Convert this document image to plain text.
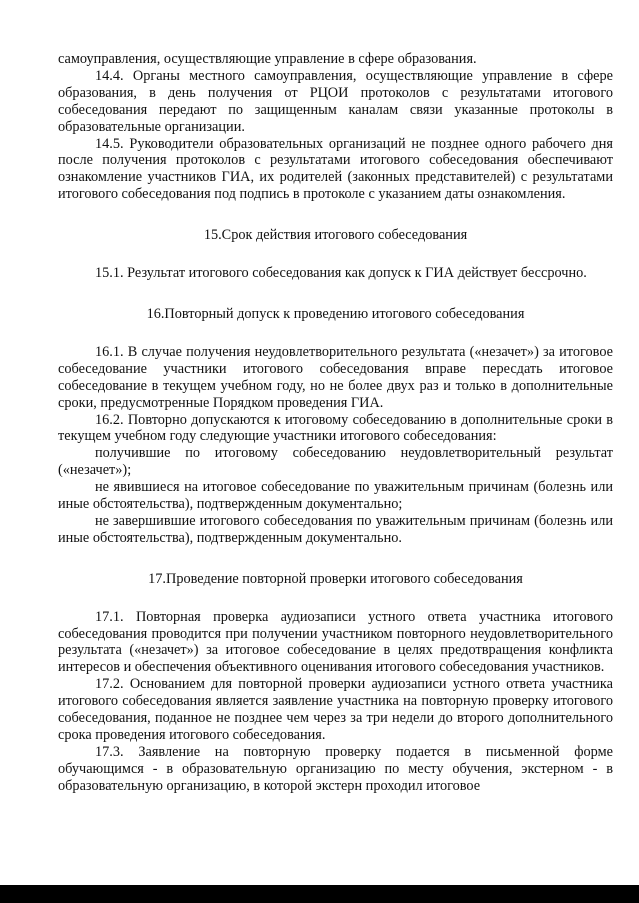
самоуправления, осуществляющие управление в сфере образования.

14.4. Органы местного самоуправления, осуществляющие управление в сфере образования, в день получения от РЦОИ протоколов с результатами итогового собеседования передают по защищенным каналам связи указанные протоколы в образовательные организации.

14.5. Руководители образовательных организаций не позднее одного рабочего дня после получения протоколов с результатами итогового собеседования обеспечивают ознакомление участников ГИА, их родителей (законных представителей) с результатами итогового собеседования под подпись в протоколе с указанием даты ознакомления.

15.Срок действия итогового собеседования

15.1. Результат итогового собеседования как допуск к ГИА действует бессрочно.

16.Повторный допуск к проведению итогового собеседования

16.1. В случае получения неудовлетворительного результата («незачет») за итоговое собеседование участники итогового собеседования вправе пересдать итоговое собеседование в текущем учебном году, но не более двух раз и только в дополнительные сроки, предусмотренные Порядком проведения ГИА.

16.2. Повторно допускаются к итоговому собеседованию в дополнительные сроки в текущем учебном году следующие участники итогового собеседования:

получившие по итоговому собеседованию неудовлетворительный результат («незачет»);

не явившиеся на итоговое собеседование по уважительным причинам (болезнь или иные обстоятельства), подтвержденным документально;

не завершившие итогового собеседования по уважительным причинам (болезнь или иные обстоятельства), подтвержденным документально.

17.Проведение повторной проверки итогового собеседования

17.1. Повторная проверка аудиозаписи устного ответа участника итогового собеседования проводится при получении участником повторного неудовлетворительного результата («незачет») за итоговое собеседование в целях предотвращения конфликта интересов и обеспечения объективного оценивания итогового собеседования участников.

17.2. Основанием для повторной проверки аудиозаписи устного ответа участника итогового собеседования является заявление участника на повторную проверку итогового собеседования, поданное не позднее чем через за три недели до второго дополнительного срока проведения итогового собеседования.

17.3. Заявление на повторную проверку подается в письменной форме обучающимся - в образовательную организацию по месту обучения, экстерном - в образовательную организацию, в которой экстерн проходил итоговое
